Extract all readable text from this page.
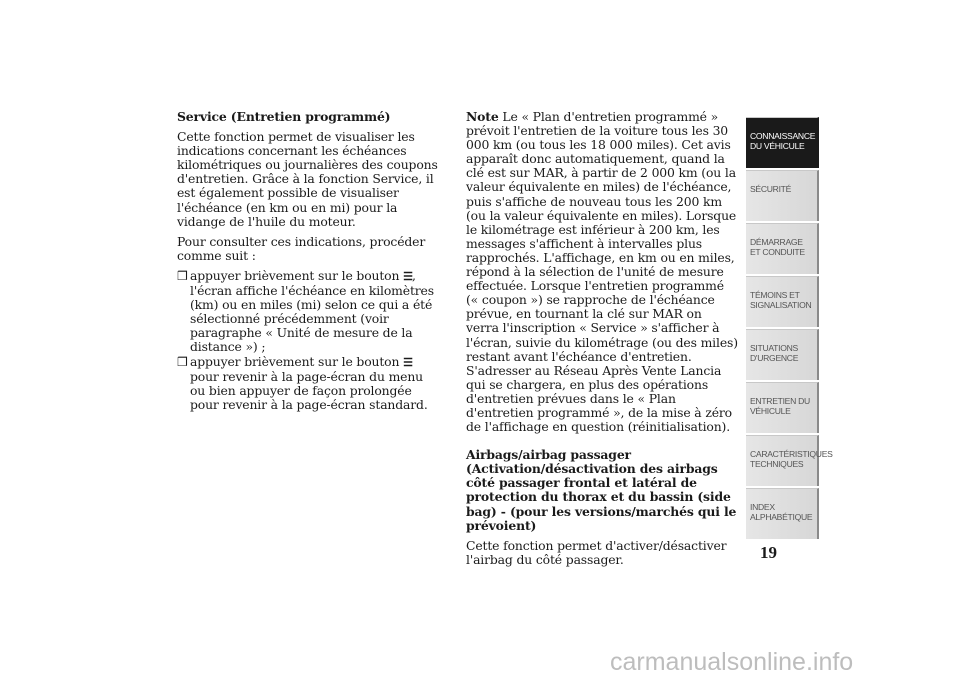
Service (Entretien programmé)

Cette fonction permet de visualiser les indications concernant les échéances kilométriques ou journalières des coupons d'entretien. Grâce à la fonction Service, il est également possible de visualiser l'échéance (en km ou en mi) pour la vidange de l'huile du moteur.

Pour consulter ces indications, procéder comme suit :

❒ appuyer brièvement sur le bouton ☰, l'écran affiche l'échéance en kilomètres (km) ou en miles (mi) selon ce qui a été sélectionné précédemment (voir paragraphe « Unité de mesure de la distance ») ;
❒ appuyer brièvement sur le bouton ☰ pour revenir à la page-écran du menu ou bien appuyer de façon prolongée pour revenir à la page-écran standard.

Note Le « Plan d'entretien programmé » prévoit l'entretien de la voiture tous les 30 000 km (ou tous les 18 000 miles). Cet avis apparaît donc automatiquement, quand la clé est sur MAR, à partir de 2 000 km (ou la valeur équivalente en miles) de l'échéance, puis s'affiche de nouveau tous les 200 km (ou la valeur équivalente en miles). Lorsque le kilométrage est inférieur à 200 km, les messages s'affichent à intervalles plus rapprochés. L'affichage, en km ou en miles, répond à la sélection de l'unité de mesure effectuée. Lorsque l'entretien programmé (« coupon ») se rapproche de l'échéance prévue, en tournant la clé sur MAR on verra l'inscription « Service » s'afficher à l'écran, suivie du kilométrage (ou des miles) restant avant l'échéance d'entretien. S'adresser au Réseau Après Vente Lancia qui se chargera, en plus des opérations d'entretien prévues dans le « Plan d'entretien programmé », de la mise à zéro de l'affichage en question (réinitialisation).

Airbags/airbag passager (Activation/désactivation des airbags côté passager frontal et latéral de protection du thorax et du bassin (side bag) - (pour les versions/marchés qui le prévoient)

Cette fonction permet d'activer/désactiver l'airbag du côté passager.

CONNAISSANCE DU VÉHICULE
SÉCURITÉ
DÉMARRAGE ET CONDUITE
TÉMOINS ET SIGNALISATION
SITUATIONS D'URGENCE
ENTRETIEN DU VÉHICULE
CARACTÉRISTIQUES TECHNIQUES
INDEX ALPHABÉTIQUE
19
carmanualsonline.info
